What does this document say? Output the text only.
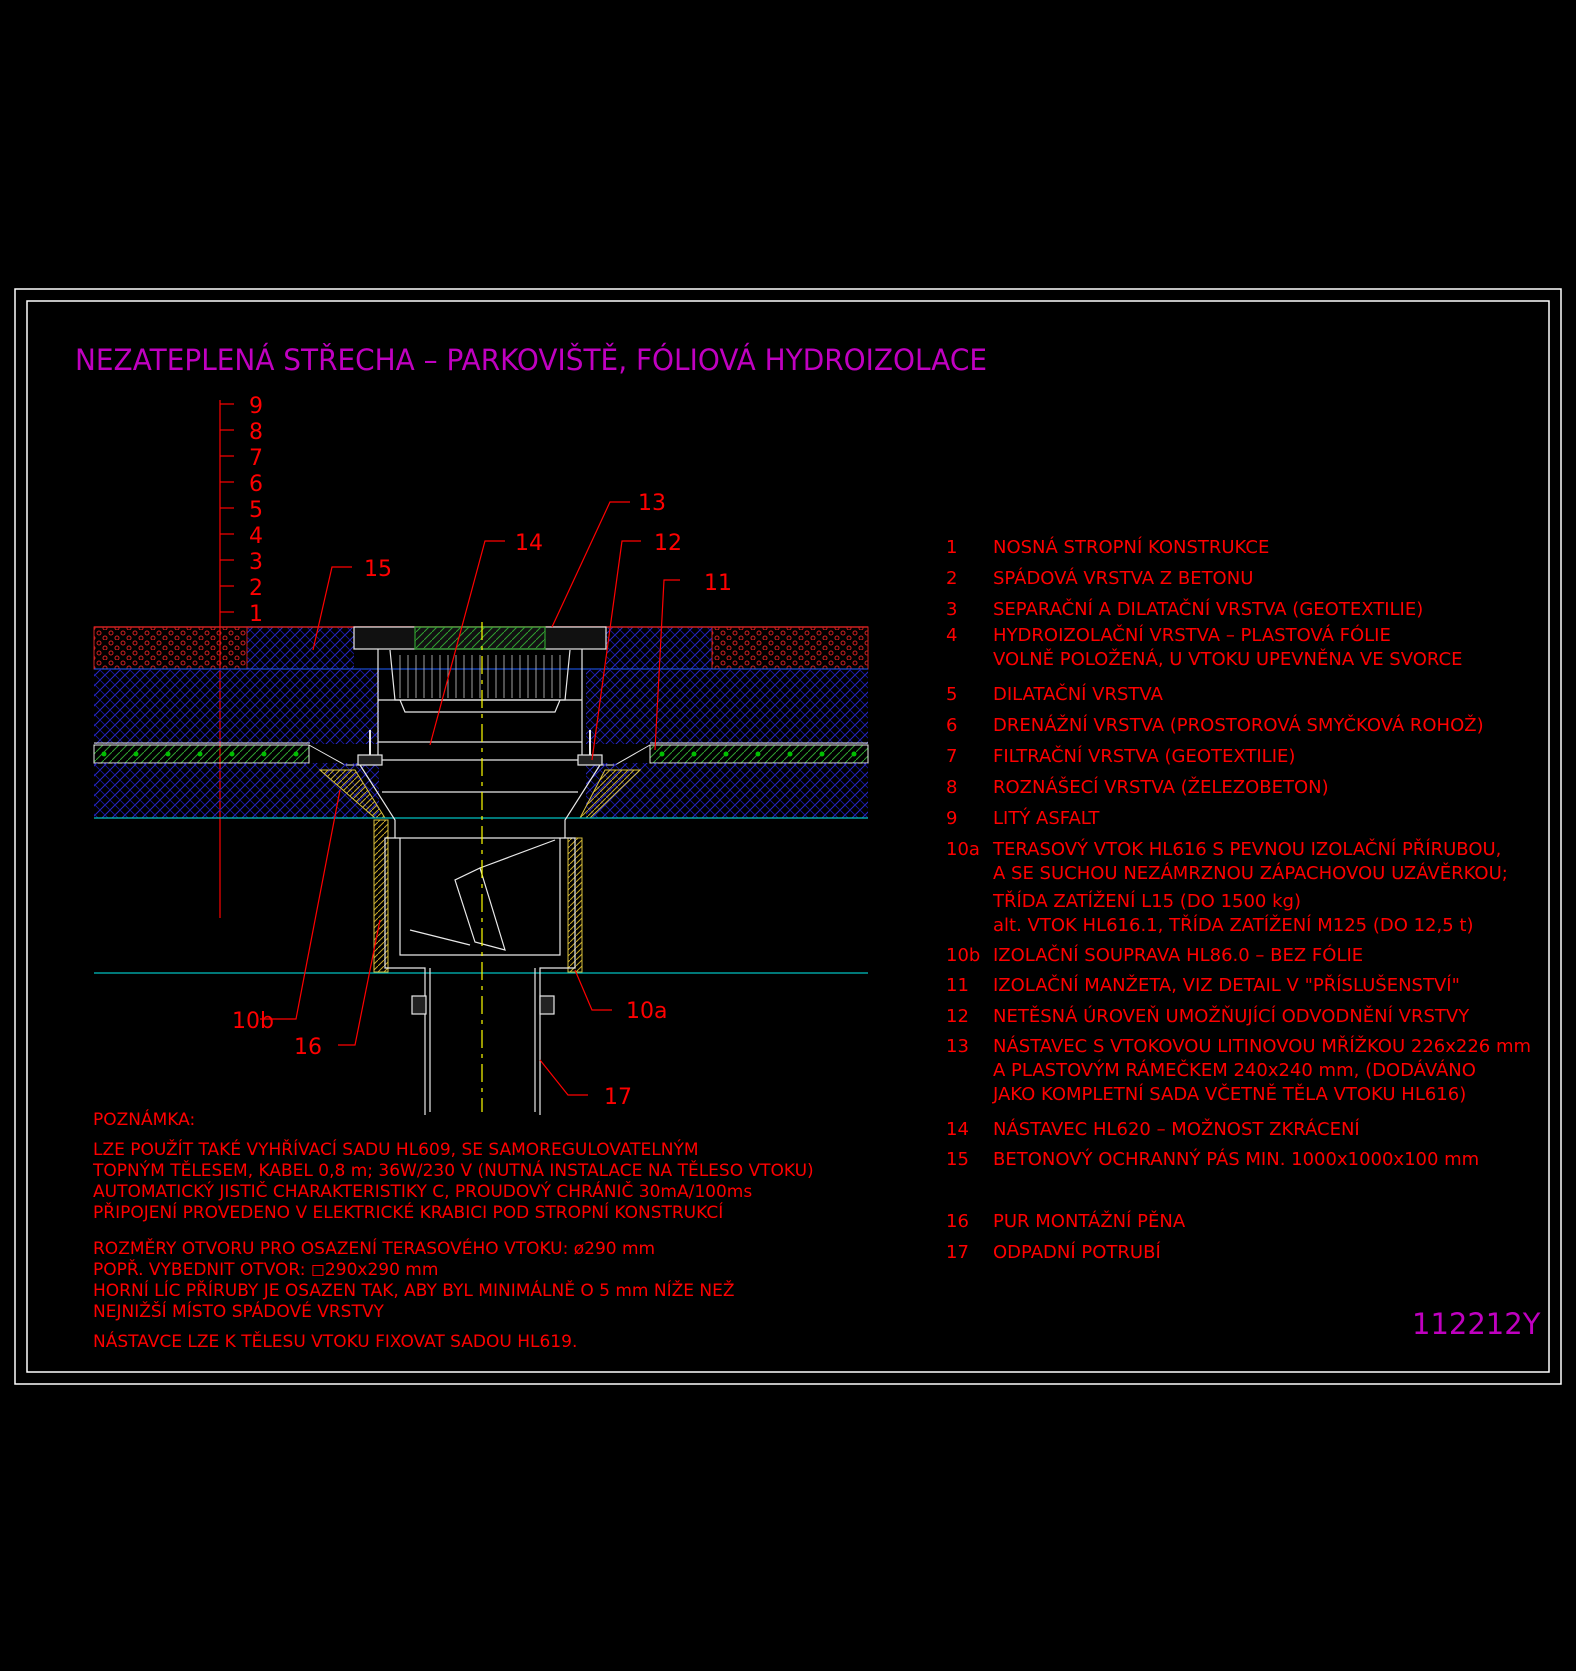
NEZATEPLENÁ STŘECHA – PARKOVIŠTĚ, FÓLIOVÁ HYDROIZOLACE
9
8
7
6
5
4
3
2
1
13
14	12
11
15
10b
16
10a
17
1 NOSNÁ STROPNÍ KONSTRUKCE
2 SPÁDOVÁ VRSTVA Z BETONU
3 SEPARAČNÍ A DILATAČNÍ VRSTVA (GEOTEXTILIE)
4 HYDROIZOLAČNÍ VRSTVA – PLASTOVÁ FÓLIE
VOLNĚ POLOŽENÁ, U VTOKU UPEVNĚNA VE SVORCE
5 DILATAČNÍ VRSTVA
6 DRENÁŽNÍ VRSTVA (PROSTOROVÁ SMYČKOVÁ ROHOŽ)
7 FILTRAČNÍ VRSTVA (GEOTEXTILIE)
8 ROZNÁŠECÍ VRSTVA (ŽELEZOBETON)
9 LITÝ ASFALT
10a TERASOVÝ VTOK HL616 S PEVNOU IZOLAČNÍ PŘÍRUBOU,
A SE SUCHOU NEZÁMRZNOU ZÁPACHOVOU UZÁVĚRKOU;
TŘÍDA ZATÍŽENÍ L15 (DO 1500 kg)
alt. VTOK HL616.1, TŘÍDA ZATÍŽENÍ M125 (DO 12,5 t)
10b IZOLAČNÍ SOUPRAVA HL86.0 – BEZ FÓLIE
11 IZOLAČNÍ MANŽETA, VIZ DETAIL V "PŘÍSLUŠENSTVÍ"
12 NETĚSNÁ ÚROVEŇ UMOŽŇUJÍCÍ ODVODNĚNÍ VRSTVY
13 NÁSTAVEC S VTOKOVOU LITINOVOU MŘÍŽKOU 226x226 mm
A PLASTOVÝM RÁMEČKEM 240x240 mm, (DODÁVÁNO
JAKO KOMPLETNÍ SADA VČETNĚ TĚLA VTOKU HL616)
14 NÁSTAVEC HL620 – MOŽNOST ZKRÁCENÍ
15 BETONOVÝ OCHRANNÝ PÁS MIN. 1000x1000x100 mm
16 PUR MONTÁŽNÍ PĚNA
17 ODPADNÍ POTRUBÍ
POZNÁMKA:
LZE POUŽÍT TAKÉ VYHŘÍVACÍ SADU HL609, SE SAMOREGULOVATELNÝM
TOPNÝM TĚLESEM, KABEL 0,8 m; 36W/230 V (NUTNÁ INSTALACE NA TĚLESO VTOKU)
AUTOMATICKÝ JISTIČ CHARAKTERISTIKY C, PROUDOVÝ CHRÁNIČ 30mA/100ms
PŘIPOJENÍ PROVEDENO V ELEKTRICKÉ KRABICI POD STROPNÍ KONSTRUKCÍ
ROZMĚRY OTVORU PRO OSAZENÍ TERASOVÉHO VTOKU: ø290 mm
POPŘ. VYBEDNIT OTVOR: ◻290x290 mm
HORNÍ LÍC PŘÍRUBY JE OSAZEN TAK, ABY BYL MINIMÁLNĚ O 5 mm NÍŽE NEŽ
NEJNIŽŠÍ MÍSTO SPÁDOVÉ VRSTVY
NÁSTAVCE LZE K TĚLESU VTOKU FIXOVAT SADOU HL619.
112212Y
